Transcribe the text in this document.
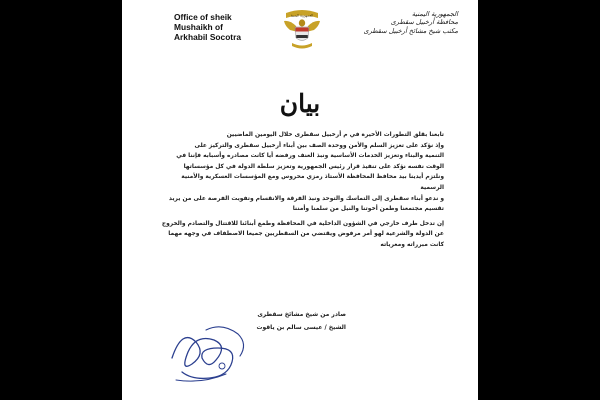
Office of sheik
Mushaikh of
Arkhabil Socotra
الجمهورية اليمنية	الجمهورية اليمنية
محافظة أرخبيل سقطرى
مكتب شيخ مشائخ أرخبيل سقطرى
بيان
تابعنا بقلق التطورات الأخيرة في م أرخبيل سقطرى خلال اليومين الماضيين
وإذ نؤكد على تعزيز السلم والأمن ووحدة الصف بين أبناء أرخبيل سقطرى والتركيز على
التنمية والبناء وتعزيز الخدمات الأساسية ونبذ العنف ورفضه أيا كانت مصادره وأسبابه فإننا في
الوقت نفسه نؤكد على تنفيذ قرار رئيس الجمهورية وتعزيز سلطة الدولة في كل مؤسساتها
ونلتزم أيدينا بيد محافظ المحافظة الأستاذ رمزي محروس ومع المؤسسات العسكرية والأمنية
الرسمية
و ندعو أبناء سقطرى إلى التماسك والتوحد ونبذ الفرقة والانقسام وتفويت الفرصة على من يريد
تقسيم مجتمعنا وطمن أخوتنا والنيل من سلمنا وأمننا
إن تدخل طرف خارجي في الشؤون الداخلية في المحافظة وطمع أبنائنا للاقتتال والتصادم والخروج
عن الدولة والشرعية لهو أمر مرفوض ويقتضي من السقطريين جميعا الاصطفاف في وجهه مهما
كانت مبرراته ومغرياته
صادر من شيخ مشائخ سقطرى
الشيخ / عيسى سالم بن ياقوت
